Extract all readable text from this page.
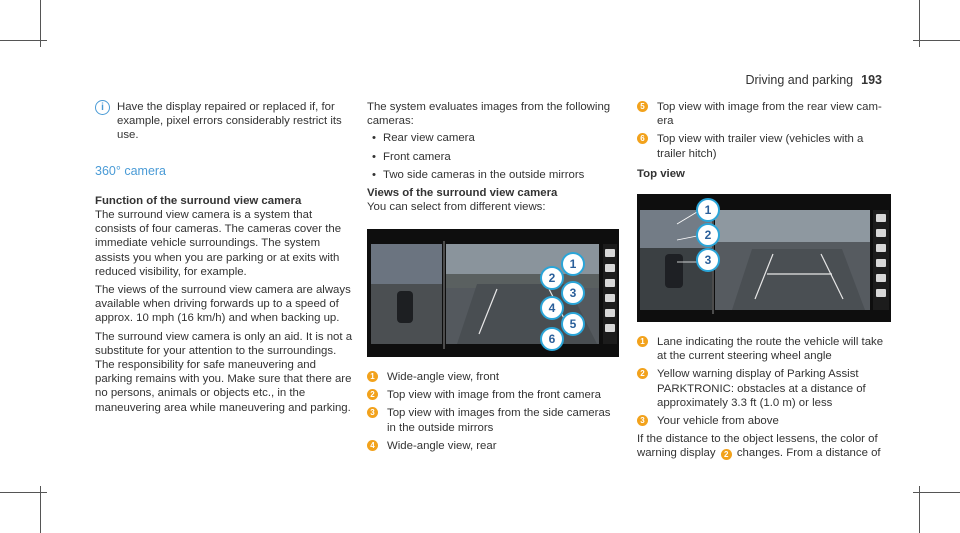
Driving and parking 193
i	Have the display repaired or replaced if, for example, pixel errors considerably restrict its use.
360° camera

Function of the surround view camera

The surround view camera is a system that consists of four cameras. The cameras cover the immediate vehicle surroundings. The system assists you when you are parking or at exits with reduced visibility, for example.

The views of the surround view camera are always available when driving forwards up to a speed of approx. 10 mph (16 km/h) and when backing up.

The surround view camera is only an aid. It is not a substitute for your attention to the surroundings. The responsibility for safe maneuvering and parking remains with you. Make sure that there are no persons, animals or objects etc., in the maneuvering area while maneuvering and parking.

The system evaluates images from the following cameras:

• Rear view camera
• Front camera
• Two side cameras in the outside mirrors

Views of the surround view camera

You can select from different views:

1
2
3
4
5
6
1 Wide-angle view, front
2 Top view with image from the front camera
3 Top view with images from the side cameras in the outside mirrors
4 Wide-angle view, rear
5 Top view with image from the rear view camera
6 Top view with trailer view (vehicles with a trailer hitch)

Top view

1
2
3
1 Lane indicating the route the vehicle will take at the current steering wheel angle
2 Yellow warning display of Parking Assist PARKTRONIC: obstacles at a distance of approximately 3.3 ft (1.0 m) or less
3 Your vehicle from above

If the distance to the object lessens, the color of warning display 2 changes. From a distance of
